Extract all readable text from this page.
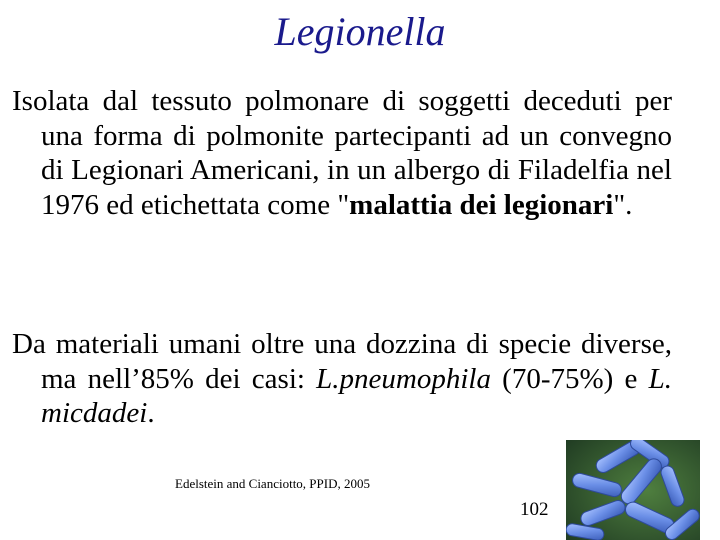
Legionella
Isolata dal tessuto polmonare di soggetti deceduti per una forma di polmonite partecipanti ad un convegno di Legionari Americani, in un albergo di Filadelfia nel 1976 ed etichettata come "malattia dei legionari".
Da materiali umani oltre una dozzina di specie diverse, ma nell’85% dei casi: L.pneumophila (70-75%) e L. micdadei.
Edelstein and Cianciotto, PPID, 2005
102
